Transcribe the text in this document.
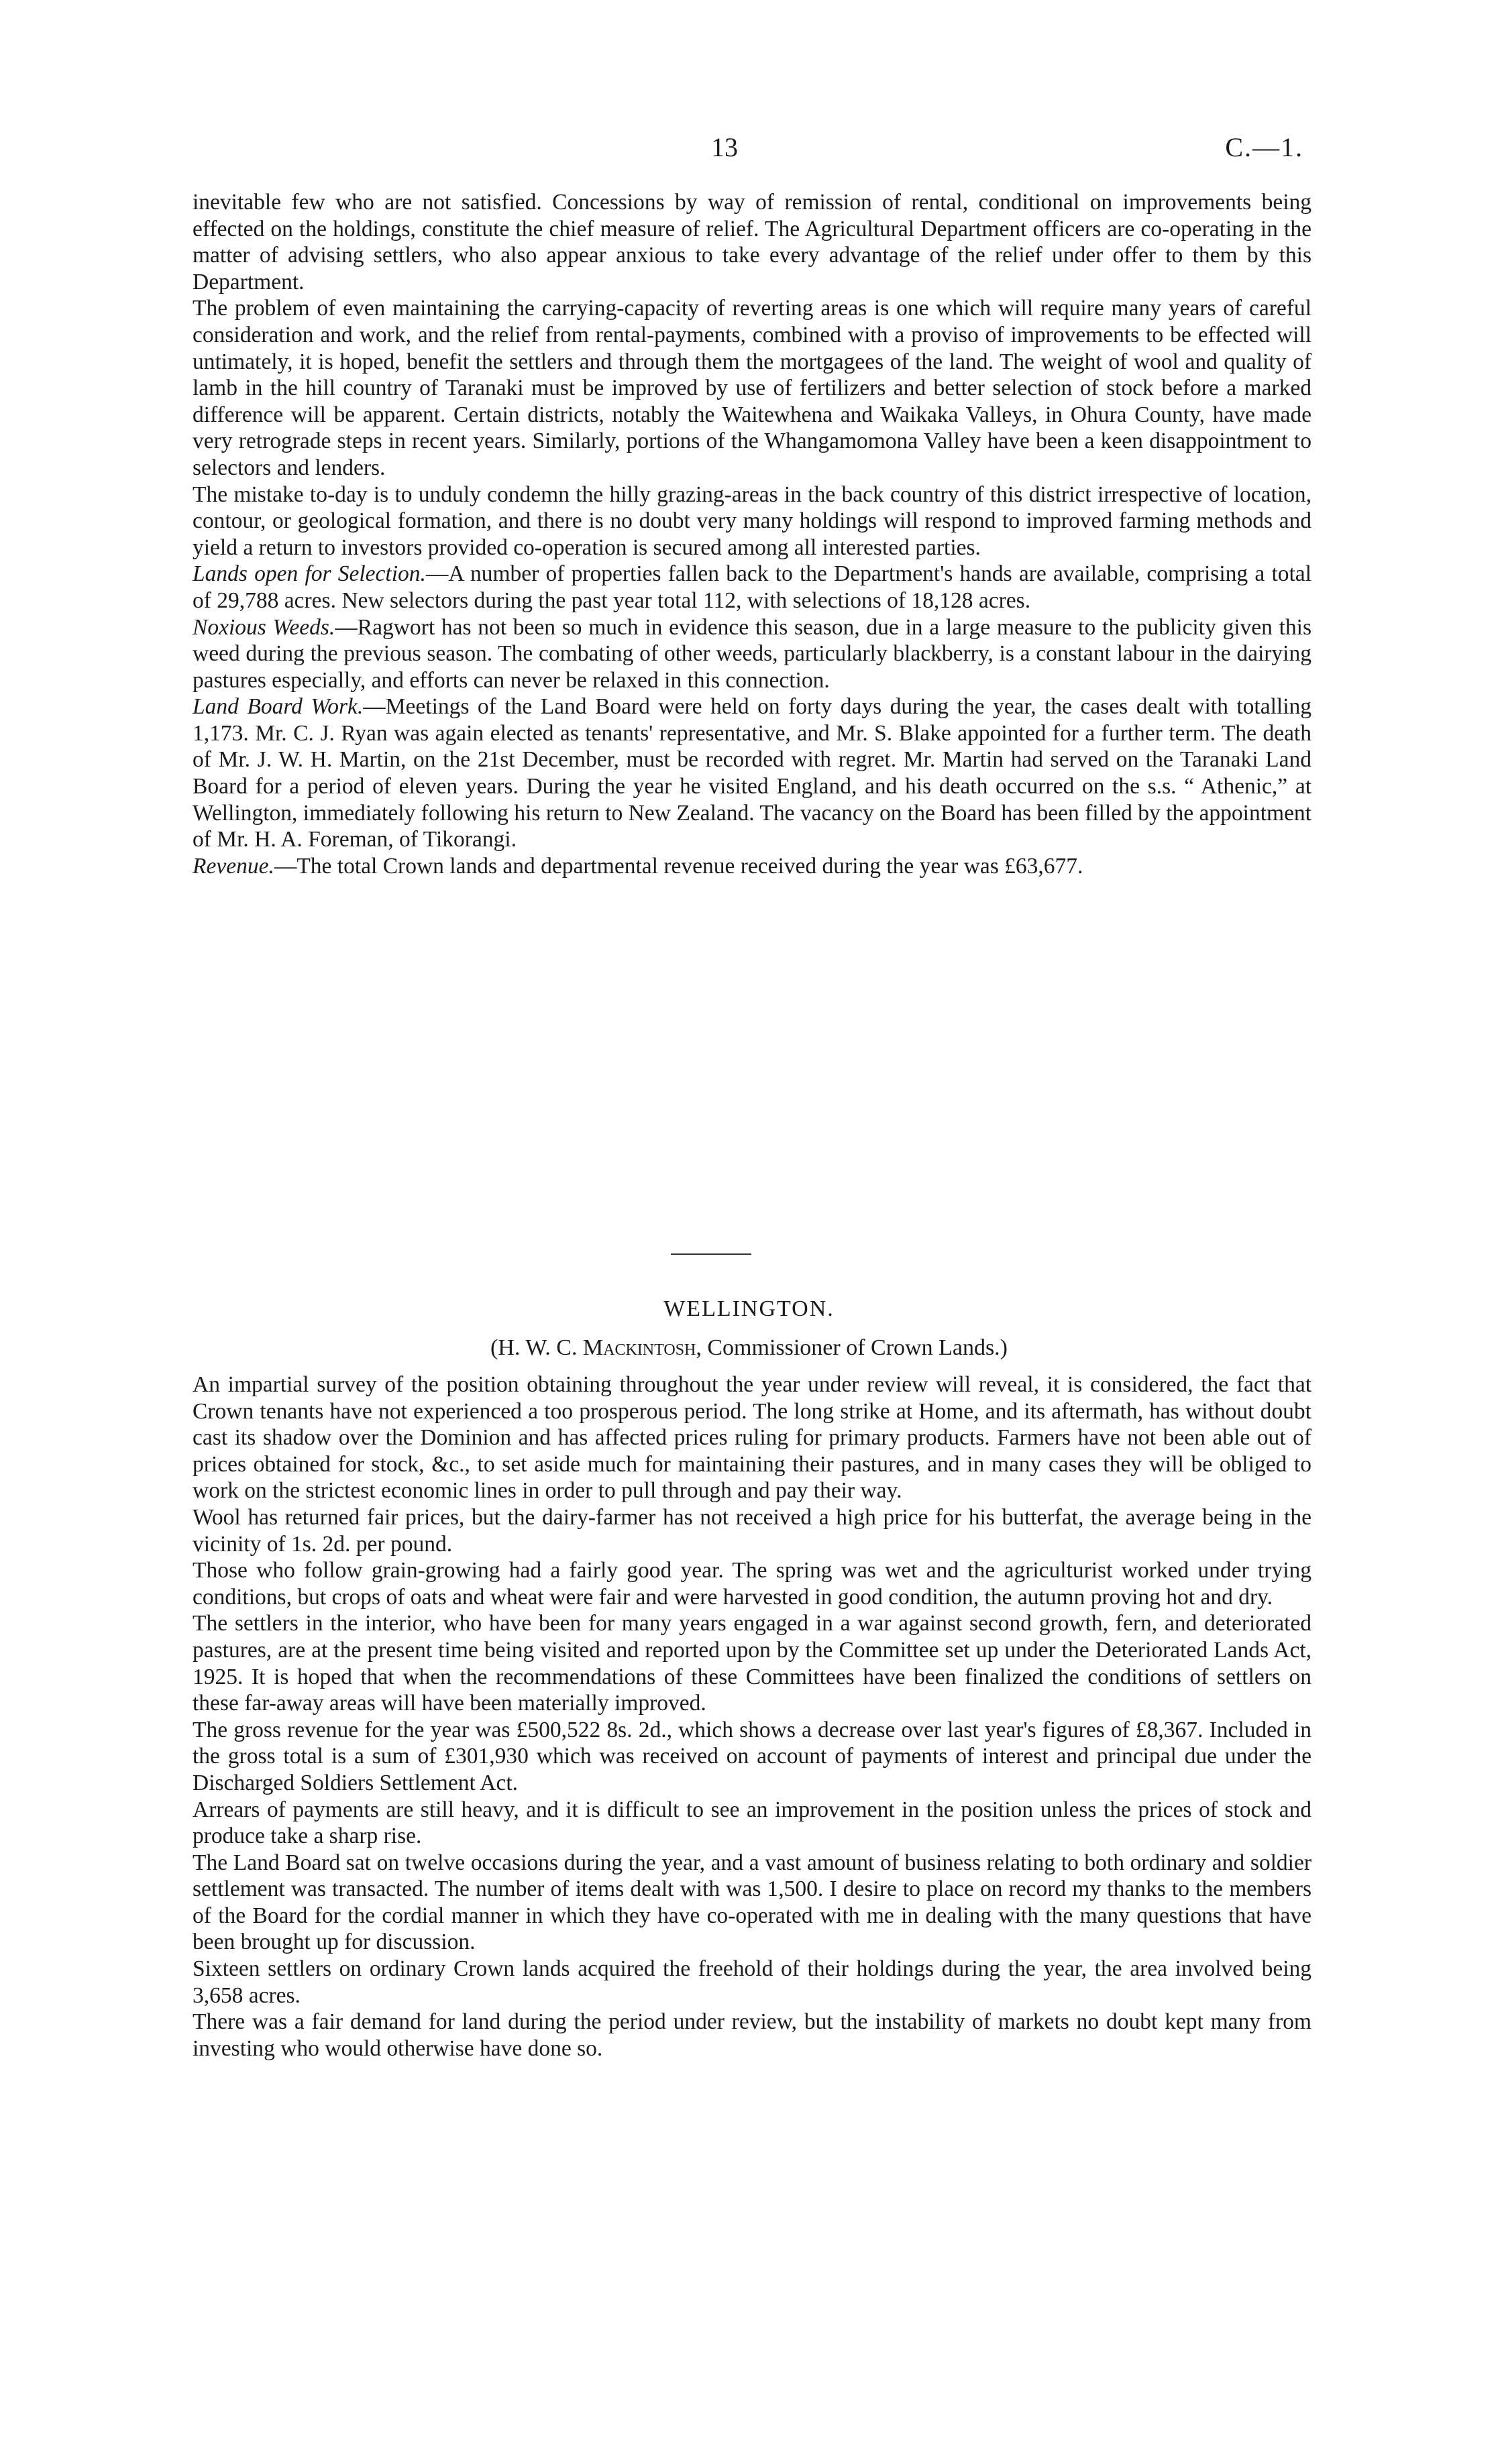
13	C.—1.

inevitable few who are not satisfied. Concessions by way of remission of rental, conditional on improvements being effected on the holdings, constitute the chief measure of relief. The Agricultural Department officers are co-operating in the matter of advising settlers, who also appear anxious to take every advantage of the relief under offer to them by this Department.

The problem of even maintaining the carrying-capacity of reverting areas is one which will require many years of careful consideration and work, and the relief from rental-payments, combined with a proviso of improvements to be effected will untimately, it is hoped, benefit the settlers and through them the mortgagees of the land. The weight of wool and quality of lamb in the hill country of Taranaki must be improved by use of fertilizers and better selection of stock before a marked difference will be apparent. Certain districts, notably the Waitewhena and Waikaka Valleys, in Ohura County, have made very retrograde steps in recent years. Similarly, portions of the Whangamomona Valley have been a keen disappointment to selectors and lenders.

The mistake to-day is to unduly condemn the hilly grazing-areas in the back country of this district irrespective of location, contour, or geological formation, and there is no doubt very many holdings will respond to improved farming methods and yield a return to investors provided co-operation is secured among all interested parties.

Lands open for Selection.—A number of properties fallen back to the Department's hands are available, comprising a total of 29,788 acres. New selectors during the past year total 112, with selections of 18,128 acres.

Noxious Weeds.—Ragwort has not been so much in evidence this season, due in a large measure to the publicity given this weed during the previous season. The combating of other weeds, particularly blackberry, is a constant labour in the dairying pastures especially, and efforts can never be relaxed in this connection.

Land Board Work.—Meetings of the Land Board were held on forty days during the year, the cases dealt with totalling 1,173. Mr. C. J. Ryan was again elected as tenants' representative, and Mr. S. Blake appointed for a further term. The death of Mr. J. W. H. Martin, on the 21st December, must be recorded with regret. Mr. Martin had served on the Taranaki Land Board for a period of eleven years. During the year he visited England, and his death occurred on the s.s. “ Athenic,” at Wellington, immediately following his return to New Zealand. The vacancy on the Board has been filled by the appointment of Mr. H. A. Foreman, of Tikorangi.

Revenue.—The total Crown lands and departmental revenue received during the year was £63,677.

WELLINGTON.
(H. W. C. Mackintosh, Commissioner of Crown Lands.)

An impartial survey of the position obtaining throughout the year under review will reveal, it is considered, the fact that Crown tenants have not experienced a too prosperous period. The long strike at Home, and its aftermath, has without doubt cast its shadow over the Dominion and has affected prices ruling for primary products. Farmers have not been able out of prices obtained for stock, &c., to set aside much for maintaining their pastures, and in many cases they will be obliged to work on the strictest economic lines in order to pull through and pay their way.

Wool has returned fair prices, but the dairy-farmer has not received a high price for his butterfat, the average being in the vicinity of 1s. 2d. per pound.

Those who follow grain-growing had a fairly good year. The spring was wet and the agriculturist worked under trying conditions, but crops of oats and wheat were fair and were harvested in good condition, the autumn proving hot and dry.

The settlers in the interior, who have been for many years engaged in a war against second growth, fern, and deteriorated pastures, are at the present time being visited and reported upon by the Committee set up under the Deteriorated Lands Act, 1925. It is hoped that when the recommendations of these Committees have been finalized the conditions of settlers on these far-away areas will have been materially improved.

The gross revenue for the year was £500,522 8s. 2d., which shows a decrease over last year's figures of £8,367. Included in the gross total is a sum of £301,930 which was received on account of payments of interest and principal due under the Discharged Soldiers Settlement Act.

Arrears of payments are still heavy, and it is difficult to see an improvement in the position unless the prices of stock and produce take a sharp rise.

The Land Board sat on twelve occasions during the year, and a vast amount of business relating to both ordinary and soldier settlement was transacted. The number of items dealt with was 1,500. I desire to place on record my thanks to the members of the Board for the cordial manner in which they have co-operated with me in dealing with the many questions that have been brought up for discussion.

Sixteen settlers on ordinary Crown lands acquired the freehold of their holdings during the year, the area involved being 3,658 acres.

There was a fair demand for land during the period under review, but the instability of markets no doubt kept many from investing who would otherwise have done so.
